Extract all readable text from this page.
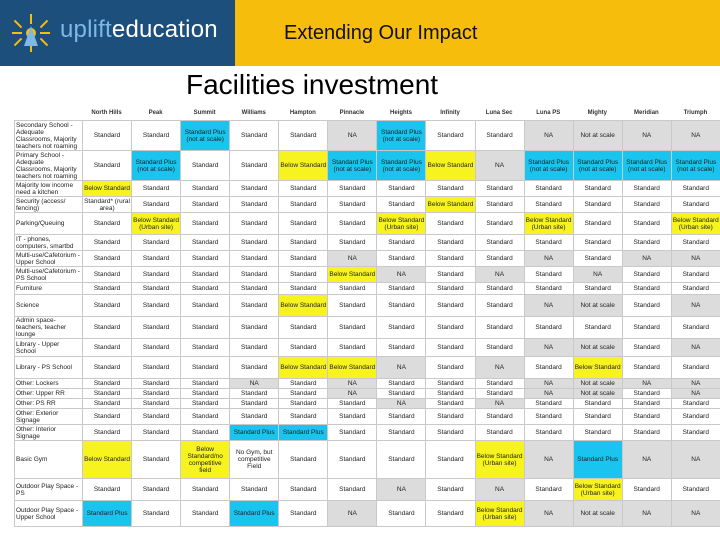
uplifteducation	Extending Our Impact
Facilities investment
North Hills	Peak	Summit	Williams	Hampton	Pinnacle	Heights	Infinity	Luna Sec	Luna PS	Mighty	Meridian	Triumph
Secondary School - Adequate Classrooms, Majority teachers not roaming	Standard	Standard	Standard Plus (not at scale)	Standard	Standard	NA	Standard Plus (not at scale)	Standard	Standard	NA	Not at scale	NA	NA
Primary School - Adequate Classrooms, Majority teachers not roaming	Standard	Standard Plus (not at scale)	Standard	Standard	Below Standard	Standard Plus (not at scale)	Standard Plus (not at scale)	Below Standard	NA	Standard Plus (not at scale)	Standard Plus (not at scale)	Standard Plus (not at scale)	Standard Plus (not at scale)
Majority low income need a kitchen	Below Standard	Standard	Standard	Standard	Standard	Standard	Standard	Standard	Standard	Standard	Standard	Standard	Standard
Security (access/ fencing)	Standard* (rural area)	Standard	Standard	Standard	Standard	Standard	Standard	Below Standard	Standard	Standard	Standard	Standard	Standard
Parking/Queuing	Standard	Below Standard (Urban site)	Standard	Standard	Standard	Standard	Below Standard (Urban site)	Standard	Standard	Below Standard (Urban site)	Standard	Standard	Below Standard (Urban site)
IT - phones, computers, smartbd	Standard	Standard	Standard	Standard	Standard	Standard	Standard	Standard	Standard	Standard	Standard	Standard	Standard
Multi-use/Cafetorium - Upper School	Standard	Standard	Standard	Standard	Standard	NA	Standard	Standard	Standard	NA	Standard	NA	NA
Multi-use/Cafetorium - PS School	Standard	Standard	Standard	Standard	Standard	Below Standard	NA	Standard	NA	Standard	NA	Standard	Standard
Furniture	Standard	Standard	Standard	Standard	Standard	Standard	Standard	Standard	Standard	Standard	Standard	Standard	Standard
Science	Standard	Standard	Standard	Standard	Below Standard	Standard	Standard	Standard	Standard	NA	Not at scale	Standard	NA
Admin space-teachers, teacher lounge	Standard	Standard	Standard	Standard	Standard	Standard	Standard	Standard	Standard	Standard	Standard	Standard	Standard
Library - Upper School	Standard	Standard	Standard	Standard	Standard	Standard	Standard	Standard	Standard	NA	Not at scale	Standard	NA
Library - PS School	Standard	Standard	Standard	Standard	Below Standard	Below Standard	NA	Standard	NA	Standard	Below Standard	Standard	Standard
Other: Lockers	Standard	Standard	Standard	NA	Standard	NA	Standard	Standard	Standard	NA	Not at scale	NA	NA
Other: Upper RR	Standard	Standard	Standard	Standard	Standard	NA	Standard	Standard	Standard	NA	Not at scale	Standard	NA
Other: PS RR	Standard	Standard	Standard	Standard	Standard	Standard	NA	Standard	NA	Standard	Standard	Standard	Standard
Other: Exterior Signage	Standard	Standard	Standard	Standard	Standard	Standard	Standard	Standard	Standard	Standard	Standard	Standard	Standard
Other: Interior Signage	Standard	Standard	Standard	Standard Plus	Standard Plus	Standard	Standard	Standard	Standard	Standard	Standard	Standard	Standard
Basic Gym	Below Standard	Standard	Below Standard/no competitive field	No Gym, but competitive Field	Standard	Standard	Standard	Standard	Below Standard (Urban site)	NA	Standard Plus	NA	NA
Outdoor Play Space - PS	Standard	Standard	Standard	Standard	Standard	Standard	NA	Standard	NA	Standard	Below Standard (Urban site)	Standard	Standard
Outdoor Play Space - Upper School	Standard Plus	Standard	Standard	Standard Plus	Standard	NA	Standard	Standard	Below Standard (Urban site)	NA	Not at scale	NA	NA
